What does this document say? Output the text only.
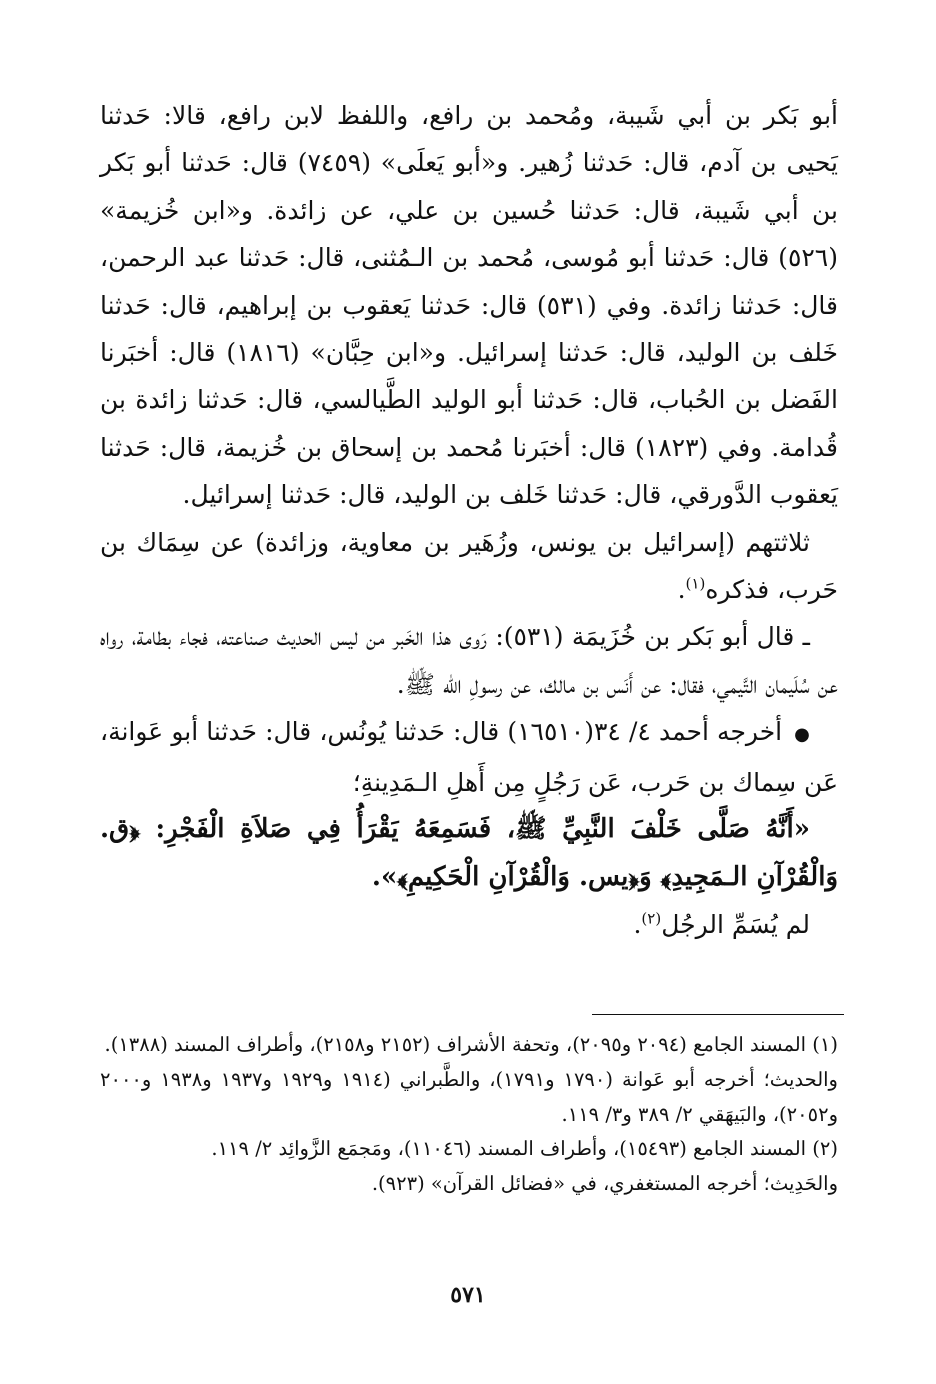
أبو بَكر بن أبي شَيبة، ومُحمد بن رافع، واللفظ لابن رافع، قالا: حَدثنا يَحيى بن آدم، قال: حَدثنا زُهير. و«أبو يَعلَى» (٧٤٥٩) قال: حَدثنا أبو بَكر بن أبي شَيبة، قال: حَدثنا حُسين بن علي، عن زائدة. و«ابن خُزيمة» (٥٢٦) قال: حَدثنا أبو مُوسى، مُحمد بن الـمُثنى، قال: حَدثنا عبد الرحمن، قال: حَدثنا زائدة. وفي (٥٣١) قال: حَدثنا يَعقوب بن إبراهيم، قال: حَدثنا خَلف بن الوليد، قال: حَدثنا إسرائيل. و«ابن حِبَّان» (١٨١٦) قال: أخبَرنا الفَضل بن الحُباب، قال: حَدثنا أبو الوليد الطَّيالسي، قال: حَدثنا زائدة بن قُدامة. وفي (١٨٢٣) قال: أخبَرنا مُحمد بن إسحاق بن خُزيمة، قال: حَدثنا يَعقوب الدَّورقي، قال: حَدثنا خَلف بن الوليد، قال: حَدثنا إسرائيل.

ثلاثتهم (إسرائيل بن يونس، وزُهَير بن معاوية، وزائدة) عن سِمَاك بن حَرب، فذكره$^{(١)}$.

ـ قال أبو بَكر بن خُزَيمَة (٥٣١): رَوى هذا الخَبر من ليس الحديث صناعته، فجاء بطامة، رواه عن سُلَيمان التَّيمي، فقال: عن أَنَس بن مالك، عن رسولِ الله ﷺ.

●أخرجه أحمد ٤/ ٣٤(١٦٥١٠) قال: حَدثنا يُونُس، قال: حَدثنا أبو عَوانة، عَن سِماك بن حَرب، عَن رَجُلٍ مِن أَهلِ الـمَدِينةِ؛

«أَنَّهُ صَلَّى خَلْفَ النَّبِيِّ ﷺ، فَسَمِعَهُ يَقْرَأُ فِي صَلاَةِ الْفَجْرِ: ﴿ق. وَالْقُرْآنِ الـمَجِيدِ﴾ وَ﴿يس. وَالْقُرْآنِ الْحَكِيمِ﴾».

لم يُسَمِّ الرجُل$^{(٢)}$.

(١) المسند الجامع (٢٠٩٤ و٢٠٩٥)، وتحفة الأشراف (٢١٥٢ و٢١٥٨)، وأطراف المسند (١٣٨٨).

والحديث؛ أخرجه أبو عَوانة (١٧٩٠ و١٧٩١)، والطَّبراني (١٩١٤ و١٩٢٩ و١٩٣٧ و١٩٣٨ و٢٠٠٠ و٢٠٥٢)، والبَيهَقي ٢/ ٣٨٩ و٣/ ١١٩.

(٢) المسند الجامع (١٥٤٩٣)، وأطراف المسند (١١٠٤٦)، ومَجمَع الزَّوائِد ٢/ ١١٩.

والحَدِيث؛ أخرجه المستغفري، في «فضائل القرآن» (٩٢٣).

٥٧١
